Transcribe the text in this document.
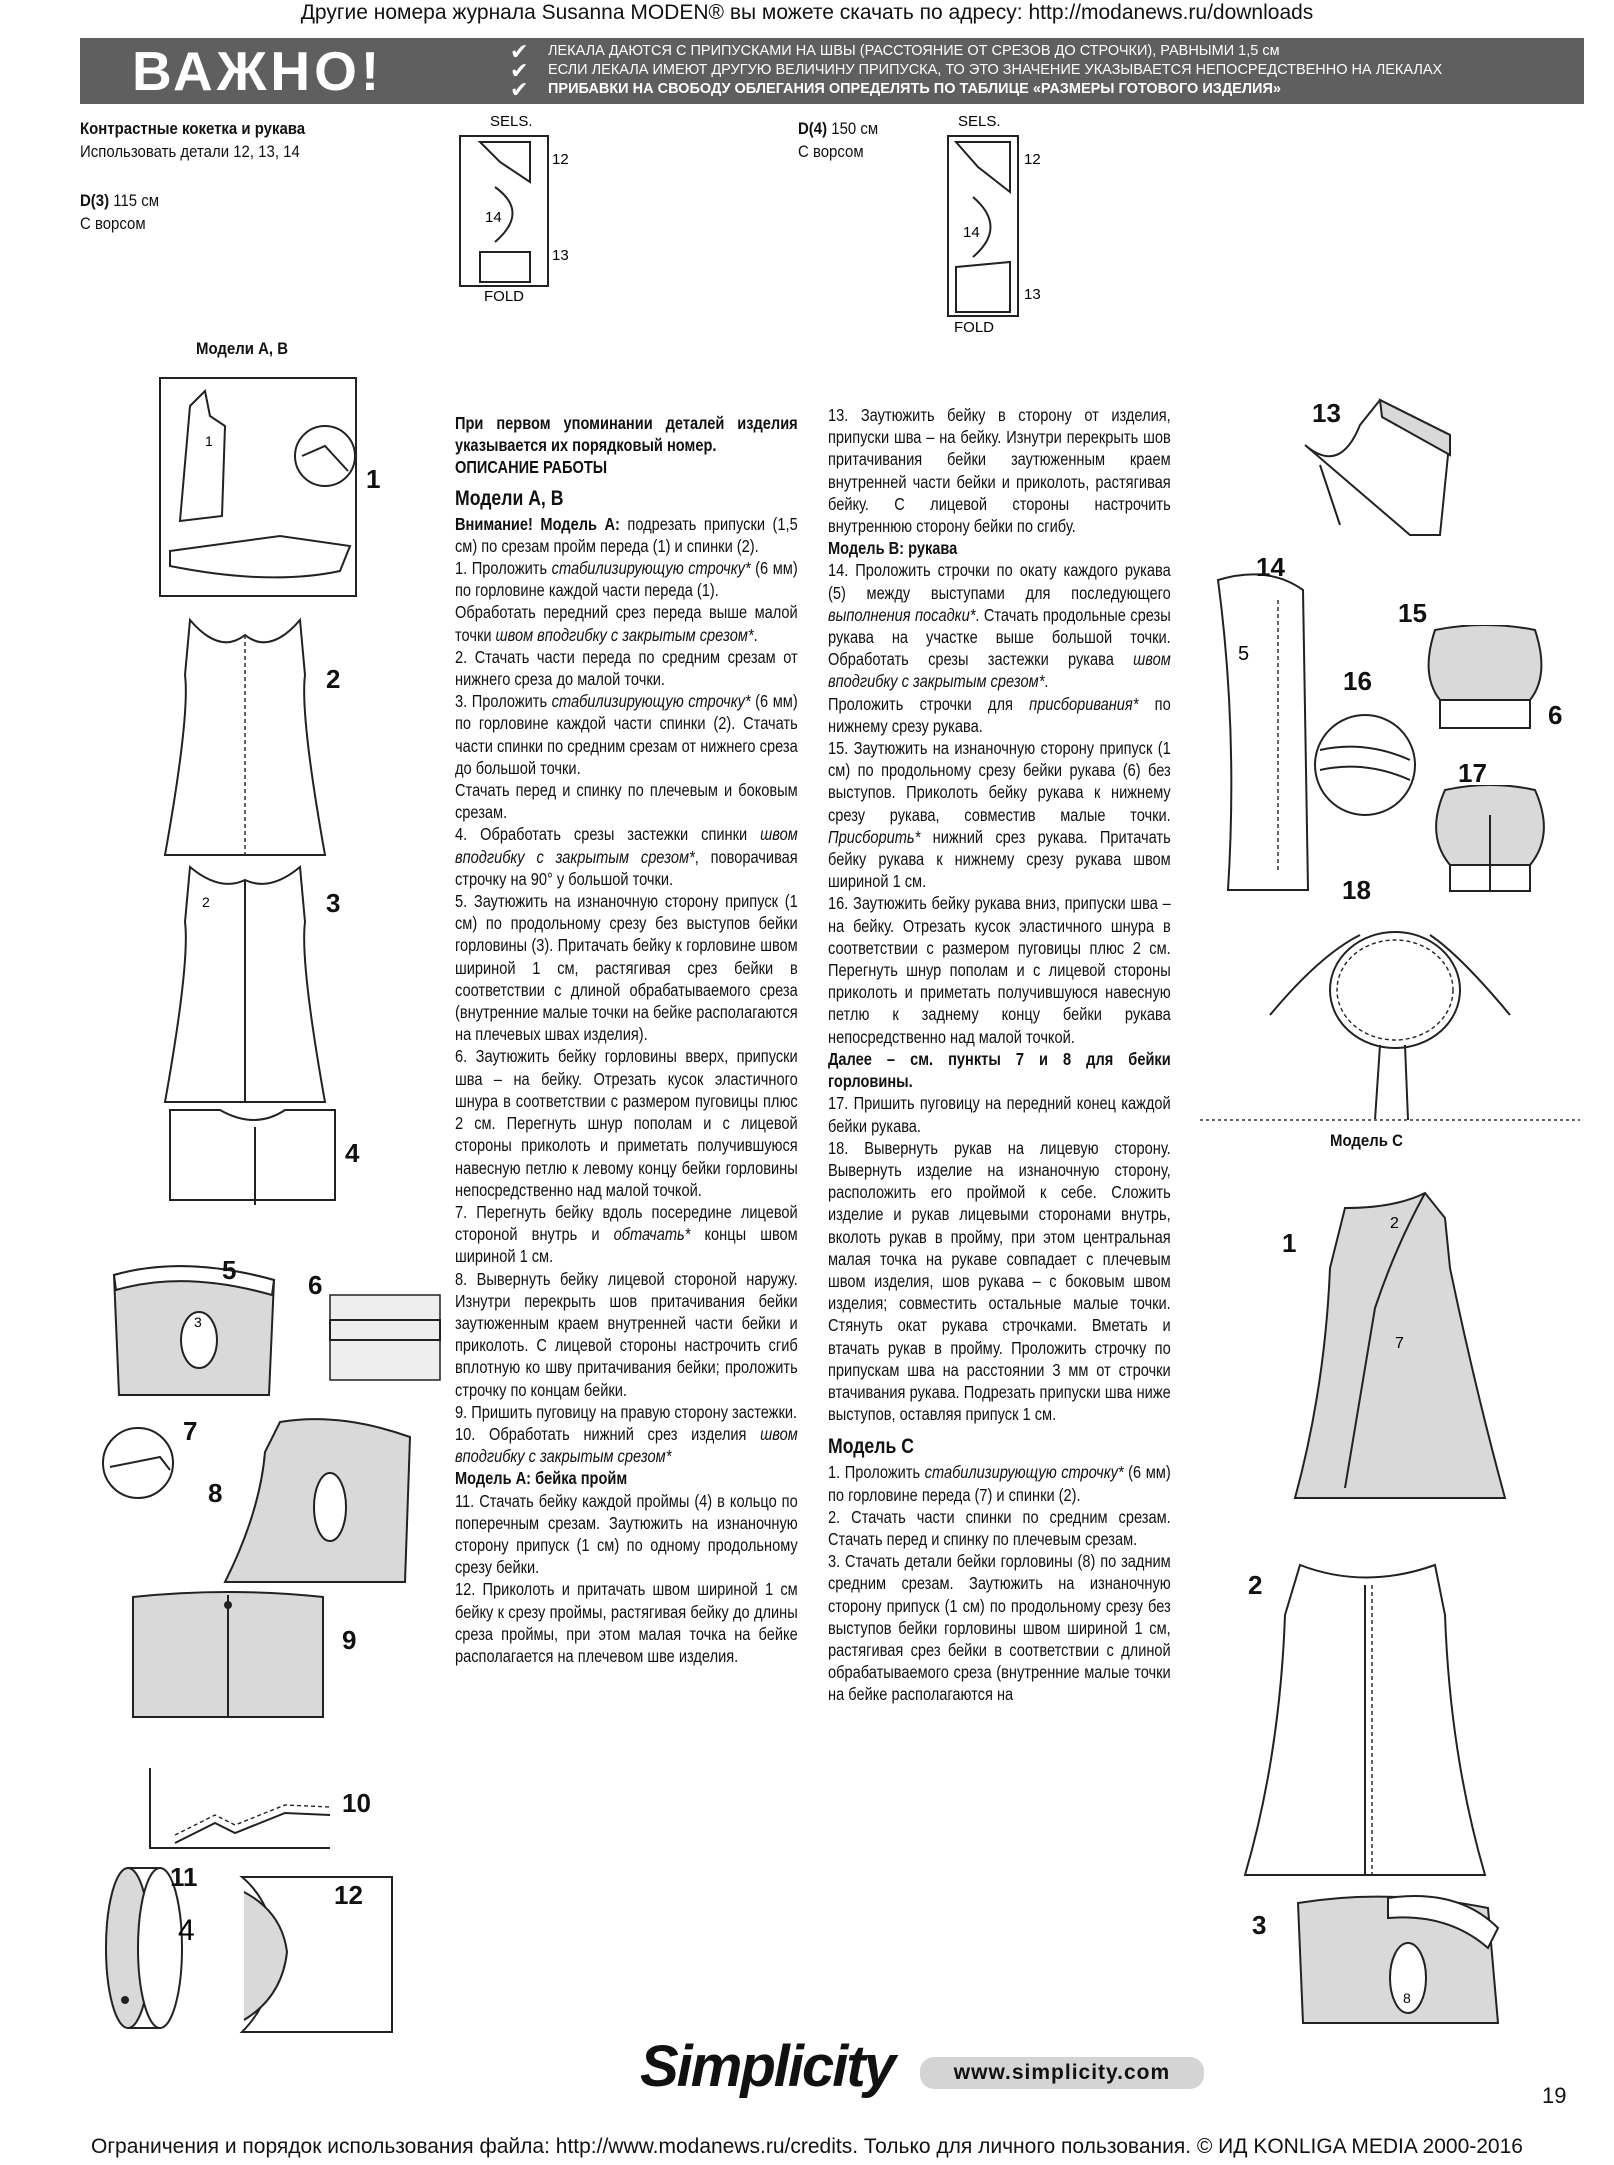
Другие номера журнала Susanna MODEN® вы можете скачать по адресу: http://modanews.ru/downloads
ВАЖНО!	✔ ЛЕКАЛА ДАЮТСЯ С ПРИПУСКАМИ НА ШВЫ (РАССТОЯНИЕ ОТ СРЕЗОВ ДО СТРОЧКИ), РАВНЫМИ 1,5 см
✔ ЕСЛИ ЛЕКАЛА ИМЕЮТ ДРУГУЮ ВЕЛИЧИНУ ПРИПУСКА, ТО ЭТО ЗНАЧЕНИЕ УКАЗЫВАЕТСЯ НЕПОСРЕДСТВЕННО НА ЛЕКАЛАХ
✔ ПРИБАВКИ НА СВОБОДУ ОБЛЕГАНИЯ ОПРЕДЕЛЯТЬ ПО ТАБЛИЦЕ «РАЗМЕРЫ ГОТОВОГО ИЗДЕЛИЯ»
Контрастные кокетка и рукава
Использовать детали 12, 13, 14
D(3) 115 см
С ворсом
D(4) 150 см
С ворсом
SELS.
12
14
13
FOLD
SELS.
12
14
13
FOLD
Модели А, В
1
1
2
2	3
4
3
5	6
7
8
9
10
4
11
12

При первом упоминании деталей изделия указывается их порядковый номер.

ОПИСАНИЕ РАБОТЫ

Модели А, В

Внимание! Модель А: подрезать припуски (1,5 см) по срезам пройм переда (1) и спинки (2).

1. Проложить стабилизирующую строчку* (6 мм) по горловине каждой части переда (1).

Обработать передний срез переда выше малой точки швом вподгибку с закрытым срезом*.

2. Стачать части переда по средним срезам от нижнего среза до малой точки.

3. Проложить стабилизирующую строчку* (6 мм) по горловине каждой части спинки (2). Стачать части спинки по средним срезам от нижнего среза до большой точки.

Стачать перед и спинку по плечевым и боковым срезам.

4. Обработать срезы застежки спинки швом вподгибку с закрытым срезом*, поворачивая строчку на 90° у большой точки.

5. Заутюжить на изнаночную сторону припуск (1 см) по продольному срезу без выступов бейки горловины (3). Притачать бейку к горловине швом шириной 1 см, растягивая срез бейки в соответствии с длиной обрабатываемого среза (внутренние малые точки на бейке располагаются на плечевых швах изделия).

6. Заутюжить бейку горловины вверх, припуски шва – на бейку. Отрезать кусок эластичного шнура в соответствии с размером пуговицы плюс 2 см. Перегнуть шнур пополам и с лицевой стороны приколоть и приметать получившуюся навесную петлю к левому концу бейки горловины непосредственно над малой точкой.

7. Перегнуть бейку вдоль посередине лицевой стороной внутрь и обтачать* концы швом шириной 1 см.

8. Вывернуть бейку лицевой стороной наружу. Изнутри перекрыть шов притачивания бейки заутюженным краем внутренней части бейки и приколоть. С лицевой стороны настрочить сгиб вплотную ко шву притачивания бейки; проложить строчку по концам бейки.

9. Пришить пуговицу на правую сторону застежки.

10. Обработать нижний срез изделия швом вподгибку с закрытым срезом*

Модель А: бейка пройм

11. Стачать бейку каждой проймы (4) в кольцо по поперечным срезам. Заутюжить на изнаночную сторону припуск (1 см) по одному продольному срезу бейки.

12. Приколоть и притачать швом шириной 1 см бейку к срезу проймы, растягивая бейку до длины среза проймы, при этом малая точка на бейке располагается на плечевом шве изделия.

13. Заутюжить бейку в сторону от изделия, припуски шва – на бейку. Изнутри перекрыть шов притачивания бейки заутюженным краем внутренней части бейки и приколоть, растягивая бейку. С лицевой стороны настрочить внутреннюю сторону бейки по сгибу.

Модель В: рукава

14. Проложить строчки по окату каждого рукава (5) между выступами для последующего выполнения посадки*. Стачать продольные срезы рукава на участке выше большой точки. Обработать срезы застежки рукава швом вподгибку с закрытым срезом*.

Проложить строчки для присборивания* по нижнему срезу рукава.

15. Заутюжить на изнаночную сторону припуск (1 см) по продольному срезу бейки рукава (6) без выступов. Приколоть бейку рукава к нижнему срезу рукава, совместив малые точки. Присборить* нижний срез рукава. Притачать бейку рукава к нижнему срезу рукава швом шириной 1 см.

16. Заутюжить бейку рукава вниз, припуски шва – на бейку. Отрезать кусок эластичного шнура в соответствии с размером пуговицы плюс 2 см. Перегнуть шнур пополам и с лицевой стороны приколоть и приметать получившуюся навесную петлю к заднему концу бейки рукава непосредственно над малой точкой.

Далее – см. пункты 7 и 8 для бейки горловины.

17. Пришить пуговицу на передний конец каждой бейки рукава.

18. Вывернуть рукав на лицевую сторону. Вывернуть изделие на изнаночную сторону, расположить его проймой к себе. Сложить изделие и рукав лицевыми сторонами внутрь, вколоть рукав в пройму, при этом центральная малая точка на рукаве совпадает с плечевым швом изделия, шов рукава – с боковым швом изделия; совместить остальные малые точки. Стянуть окат рукава строчками. Вметать и втачать рукав в пройму. Проложить строчку по припускам шва на расстоянии 3 мм от строчки втачивания рукава. Подрезать припуски шва ниже выступов, оставляя припуск 1 см.

Модель С

1. Проложить стабилизирующую строчку* (6 мм) по горловине переда (7) и спинки (2).

2. Стачать части спинки по средним срезам. Стачать перед и спинку по плечевым срезам.

3. Стачать детали бейки горловины (8) по задним средним срезам. Заутюжить на изнаночную сторону припуск (1 см) по продольному срезу без выступов бейки горловины швом шириной 1 см, растягивая срез бейки в соответствии с длиной обрабатываемого среза (внутренние малые точки на бейке располагаются на

13
5
14
15
6
16
17
18
Модель С
7
2
1
2
8
3
Simplicity	www.simplicity.com
19
Ограничения и порядок использования файла: http://www.modanews.ru/credits. Только для личного пользования. © ИД KONLIGA MEDIA 2000-2016
